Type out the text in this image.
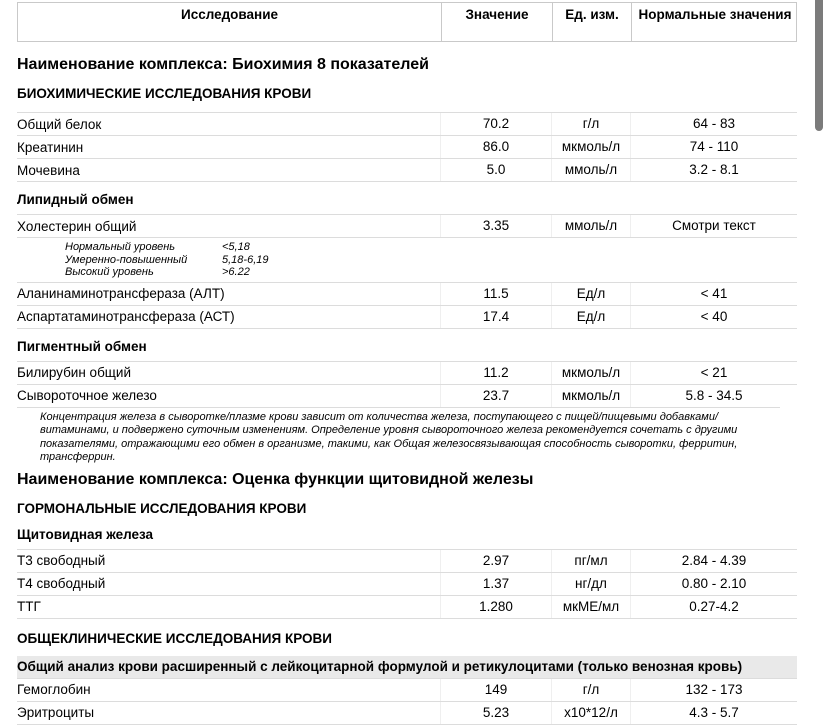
Исследование	Значение	Ед. изм.	Нормальные значения
Наименование комплекса: Биохимия 8 показателей
БИОХИМИЧЕСКИЕ ИССЛЕДОВАНИЯ КРОВИ
Общий белок	70.2	г/л	64 - 83
Креатинин	86.0	мкмоль/л	74 - 110
Мочевина	5.0	ммоль/л	3.2 - 8.1
Липидный обмен
Холестерин общий	3.35	ммоль/л	Смотри текст
Нормальный уровень	<5,18
Умеренно-повышенный	5,18-6,19
Высокий уровень	>6.22
Аланинаминотрансфераза (АЛТ)	11.5	Ед/л	< 41
Аспартатаминотрансфераза (АСТ)	17.4	Ед/л	< 40
Пигментный обмен
Билирубин общий	11.2	мкмоль/л	< 21
Сывороточное железо	23.7	мкмоль/л	5.8 - 34.5
Концентрация железа в сыворотке/плазме крови зависит от количества железа, поступающего с пищей/пищевыми добавками/витаминами, и подвержено суточным изменениям. Определение уровня сывороточного железа рекомендуется сочетать с другими показателями, отражающими его обмен в организме, такими, как Общая железосвязывающая способность сыворотки, ферритин, трансферрин.
Наименование комплекса: Оценка функции щитовидной железы
ГОРМОНАЛЬНЫЕ ИССЛЕДОВАНИЯ КРОВИ
Щитовидная железа
Т3 свободный	2.97	пг/мл	2.84 - 4.39
Т4 свободный	1.37	нг/дл	0.80 - 2.10
ТТГ	1.280	мкМЕ/мл	0.27-4.2
ОБЩЕКЛИНИЧЕСКИЕ ИССЛЕДОВАНИЯ КРОВИ
Общий анализ крови расширенный с лейкоцитарной формулой и ретикулоцитами (только венозная кровь)
Гемоглобин	149	г/л	132 - 173
Эритроциты	5.23	x10*12/л	4.3 - 5.7
